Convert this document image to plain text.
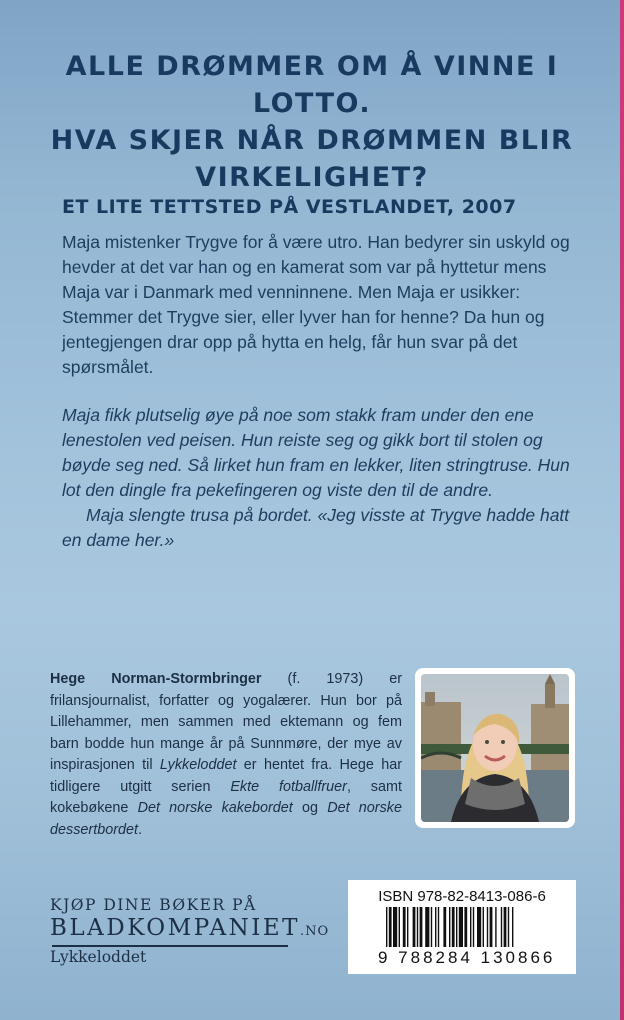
ALLE DRØMMER OM Å VINNE I LOTTO.
HVA SKJER NÅR DRØMMEN BLIR
VIRKELIGHET?
ET LITE TETTSTED PÅ VESTLANDET, 2007
Maja mistenker Trygve for å være utro. Han bedyrer sin uskyld og hevder at det var han og en kamerat som var på hyttetur mens Maja var i Danmark med venninnene. Men Maja er usikker: Stemmer det Trygve sier, eller lyver han for henne? Da hun og jentegjengen drar opp på hytta en helg, får hun svar på det spørsmålet.

Maja fikk plutselig øye på noe som stakk fram under den ene lenestolen ved peisen. Hun reiste seg og gikk bort til stolen og bøyde seg ned. Så lirket hun fram en lekker, liten stringtruse. Hun lot den dingle fra pekefingeren og viste den til de andre.

Maja slengte trusa på bordet. «Jeg visste at Trygve hadde hatt en dame her.»

Hege Norman-Stormbringer (f. 1973) er frilansjournalist, forfatter og yogalærer. Hun bor på Lillehammer, men sammen med ektemann og fem barn bodde hun mange år på Sunnmøre, der mye av inspirasjonen til Lykkeloddet er hentet fra. Hege har tidligere utgitt serien Ekte fotballfruer, samt kokebøkene Det norske kakebordet og Det norske dessertbordet.
KJØP DINE BØKER PÅ
BLADKOMPANIET.NO
Lykkeloddet
ISBN 978-82-8413-086-6
9 788284 130866
